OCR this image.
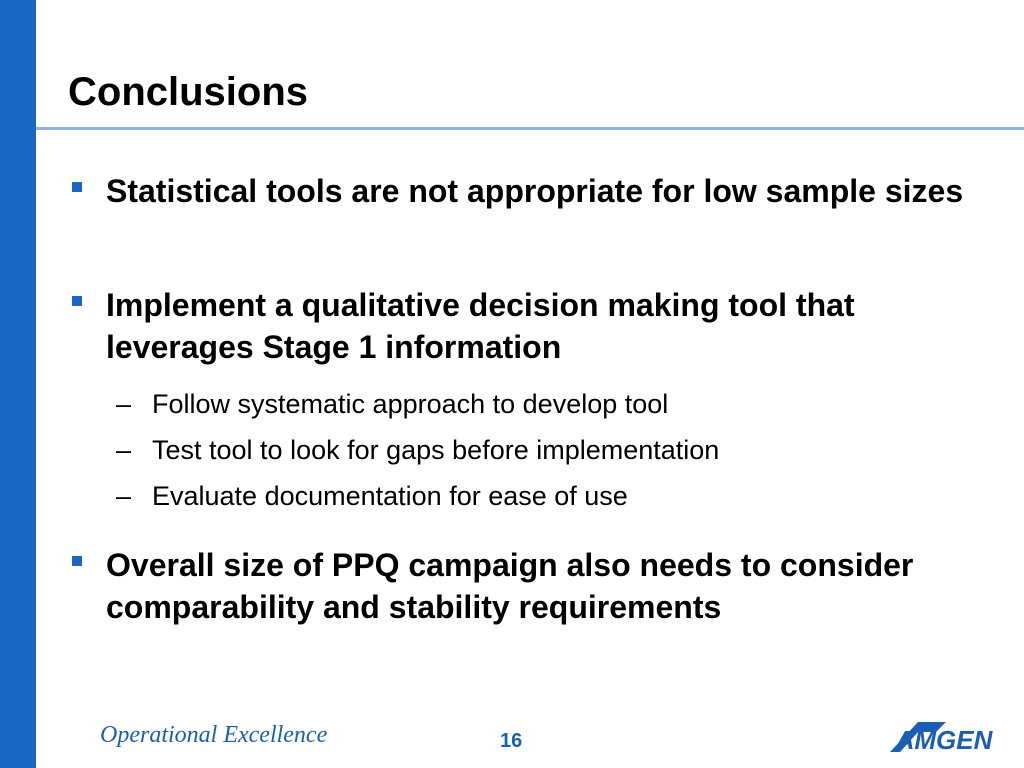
Conclusions
Statistical tools are not appropriate for low sample sizes
Implement a qualitative decision making tool that leverages Stage 1 information
– Follow systematic approach to develop tool
– Test tool to look for gaps before implementation
– Evaluate documentation for ease of use
Overall size of PPQ campaign also needs to consider comparability and stability requirements
Operational Excellence	16	AMGEN
